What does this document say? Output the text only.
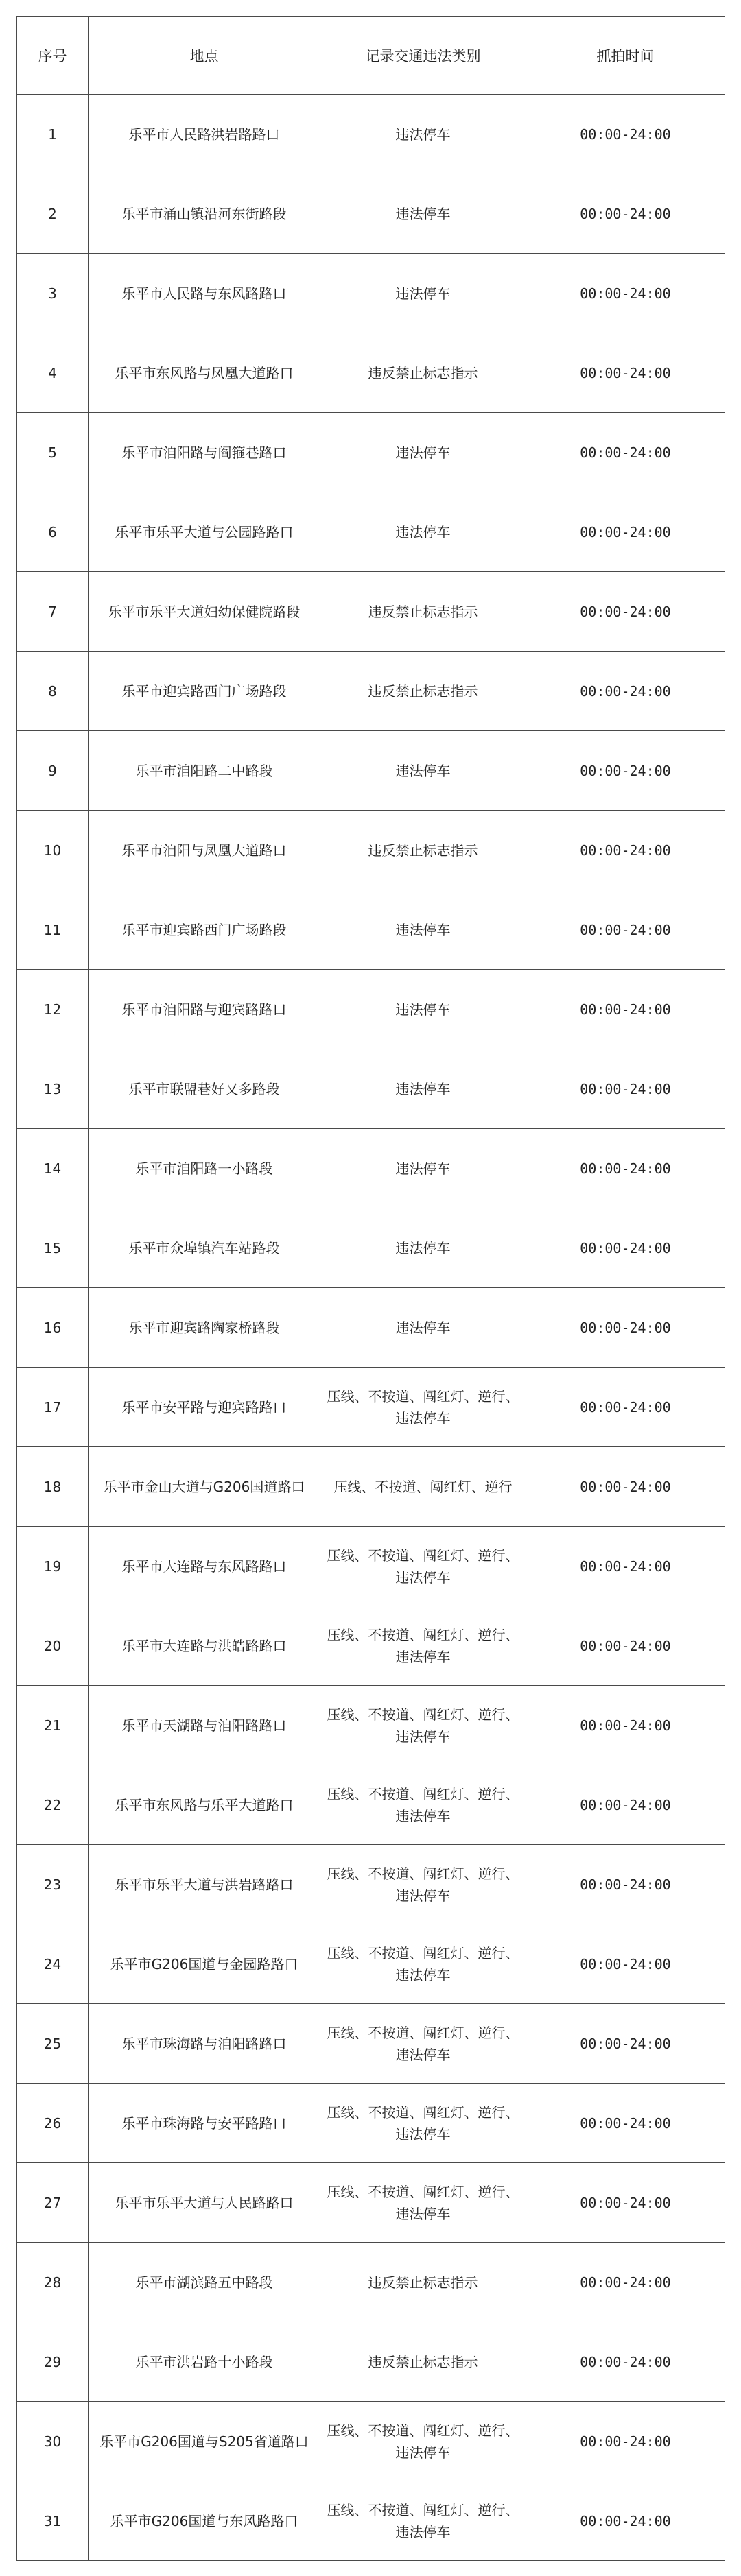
序号	地点	记录交通违法类别	抓拍时间
1	乐平市人民路洪岩路路口	违法停车	00:00-24:00
2	乐平市涌山镇沿河东街路段	违法停车	00:00-24:00
3	乐平市人民路与东风路路口	违法停车	00:00-24:00
4	乐平市东风路与凤凰大道路口	违反禁止标志指示	00:00-24:00
5	乐平市洎阳路与阎箍巷路口	违法停车	00:00-24:00
6	乐平市乐平大道与公园路路口	违法停车	00:00-24:00
7	乐平市乐平大道妇幼保健院路段	违反禁止标志指示	00:00-24:00
8	乐平市迎宾路西门广场路段	违反禁止标志指示	00:00-24:00
9	乐平市洎阳路二中路段	违法停车	00:00-24:00
10	乐平市洎阳与凤凰大道路口	违反禁止标志指示	00:00-24:00
11	乐平市迎宾路西门广场路段	违法停车	00:00-24:00
12	乐平市洎阳路与迎宾路路口	违法停车	00:00-24:00
13	乐平市联盟巷好又多路段	违法停车	00:00-24:00
14	乐平市洎阳路一小路段	违法停车	00:00-24:00
15	乐平市众埠镇汽车站路段	违法停车	00:00-24:00
16	乐平市迎宾路陶家桥路段	违法停车	00:00-24:00
17	乐平市安平路与迎宾路路口	压线、不按道、闯红灯、逆行、违法停车	00:00-24:00
18	乐平市金山大道与G206国道路口	压线、不按道、闯红灯、逆行	00:00-24:00
19	乐平市大连路与东风路路口	压线、不按道、闯红灯、逆行、违法停车	00:00-24:00
20	乐平市大连路与洪皓路路口	压线、不按道、闯红灯、逆行、违法停车	00:00-24:00
21	乐平市天湖路与洎阳路路口	压线、不按道、闯红灯、逆行、违法停车	00:00-24:00
22	乐平市东风路与乐平大道路口	压线、不按道、闯红灯、逆行、违法停车	00:00-24:00
23	乐平市乐平大道与洪岩路路口	压线、不按道、闯红灯、逆行、违法停车	00:00-24:00
24	乐平市G206国道与金园路路口	压线、不按道、闯红灯、逆行、违法停车	00:00-24:00
25	乐平市珠海路与洎阳路路口	压线、不按道、闯红灯、逆行、违法停车	00:00-24:00
26	乐平市珠海路与安平路路口	压线、不按道、闯红灯、逆行、违法停车	00:00-24:00
27	乐平市乐平大道与人民路路口	压线、不按道、闯红灯、逆行、违法停车	00:00-24:00
28	乐平市湖滨路五中路段	违反禁止标志指示	00:00-24:00
29	乐平市洪岩路十小路段	违反禁止标志指示	00:00-24:00
30	乐平市G206国道与S205省道路口	压线、不按道、闯红灯、逆行、违法停车	00:00-24:00
31	乐平市G206国道与东风路路口	压线、不按道、闯红灯、逆行、违法停车	00:00-24:00
